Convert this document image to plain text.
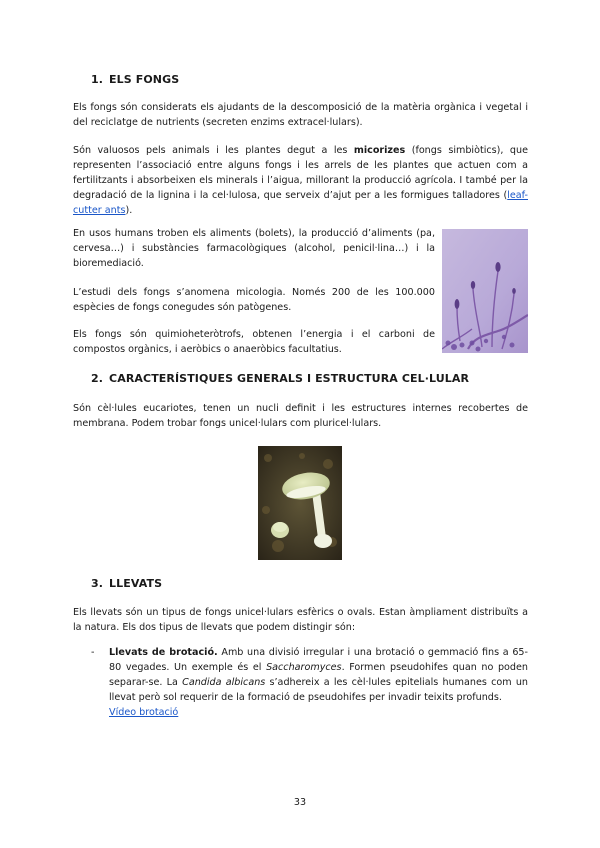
1. ELS FONGS

Els fongs són considerats els ajudants de la descomposició de la matèria orgànica i vegetal i del reciclatge de nutrients (secreten enzims extracel·lulars).

Són valuosos pels animals i les plantes degut a les micorizes (fongs simbiòtics), que representen l’associació entre alguns fongs i les arrels de les plantes que actuen com a fertilitzants i absorbeixen els minerals i l’aigua, millorant la producció agrícola. I també per la degradació de la lignina i la cel·lulosa, que serveix d’ajut per a les formigues talladores (leaf-cutter ants).

En usos humans troben els aliments (bolets), la producció d’aliments (pa, cervesa…) i substàncies farmacològiques (alcohol, penicil·lina…) i la bioremediació.

L’estudi dels fongs s’anomena micologia. Només 200 de les 100.000 espècies de fongs conegudes són patògenes.

Els fongs són quimioheteròtrofs, obtenen l’energia i el carboni de compostos orgànics, i aeròbics o anaeròbics facultatius.

2. CARACTERÍSTIQUES GENERALS I ESTRUCTURA CEL·LULAR

Són cèl·lules eucariotes, tenen un nucli definit i les estructures internes recobertes de membrana. Podem trobar fongs unicel·lulars com pluricel·lulars.

3. LLEVATS

Els llevats són un tipus de fongs unicel·lulars esfèrics o ovals. Estan àmpliament distribuïts a la natura. Els dos tipus de llevats que podem distingir són:

- Llevats de brotació. Amb una divisió irregular i una brotació o gemmació fins a 65-80 vegades. Un exemple és el Saccharomyces. Formen pseudohifes quan no poden separar-se. La Candida albicans s’adhereix a les cèl·lules epitelials humanes com un llevat però sol requerir de la formació de pseudohifes per invadir teixits profunds.
Vídeo brotació
33
